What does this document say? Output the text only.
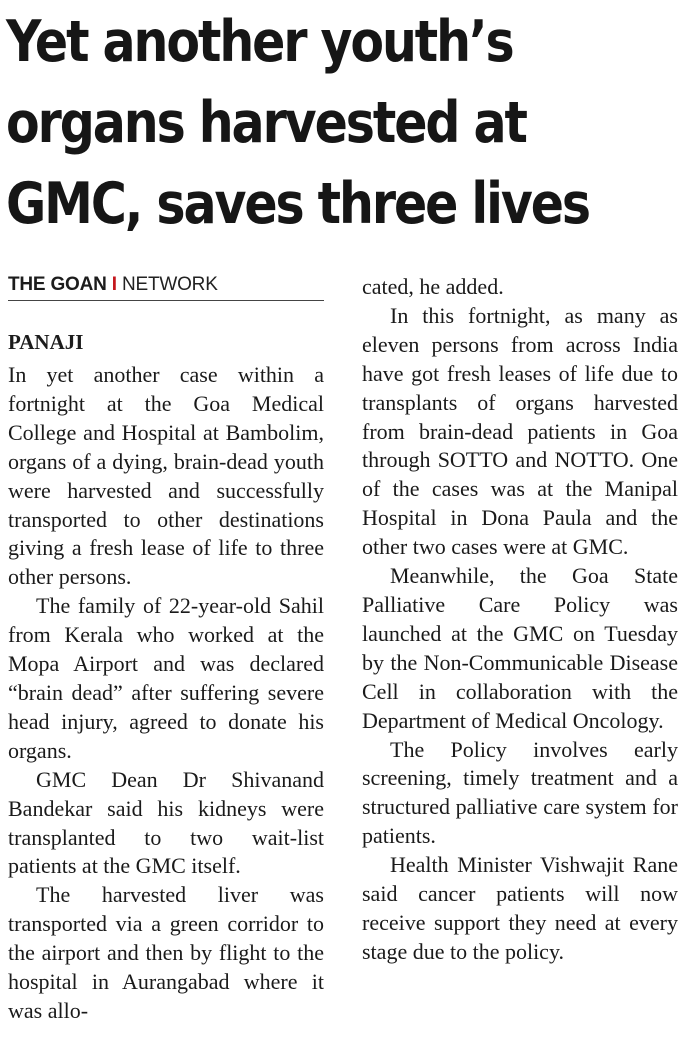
Yet another youth’s
organs harvested at
GMC, saves three lives
THE GOAN I NETWORK
PANAJI

In yet another case within a fortnight at the Goa Medical College and Hospital at Bambolim, organs of a dying, brain-dead youth were harvested and successfully transported to other destinations giving a fresh lease of life to three other persons.

The family of 22-year-old Sahil from Kerala who worked at the Mopa Airport and was declared “brain dead” after suffering severe head injury, agreed to donate his organs.

GMC Dean Dr Shivanand Bandekar said his kidneys were transplanted to two wait-list patients at the GMC itself.

The harvested liver was transported via a green corridor to the airport and then by flight to the hospital in Aurangabad where it was allo-

cated, he added.

In this fortnight, as many as eleven persons from across India have got fresh leases of life due to transplants of organs harvested from brain-dead patients in Goa through SOTTO and NOTTO. One of the cases was at the Manipal Hospital in Dona Paula and the other two cases were at GMC.

Meanwhile, the Goa State Palliative Care Policy was launched at the GMC on Tuesday by the Non-Communicable Disease Cell in collaboration with the Department of Medical Oncology.

The Policy involves early screening, timely treatment and a structured palliative care system for patients.

Health Minister Vishwajit Rane said cancer patients will now receive support they need at every stage due to the policy.
